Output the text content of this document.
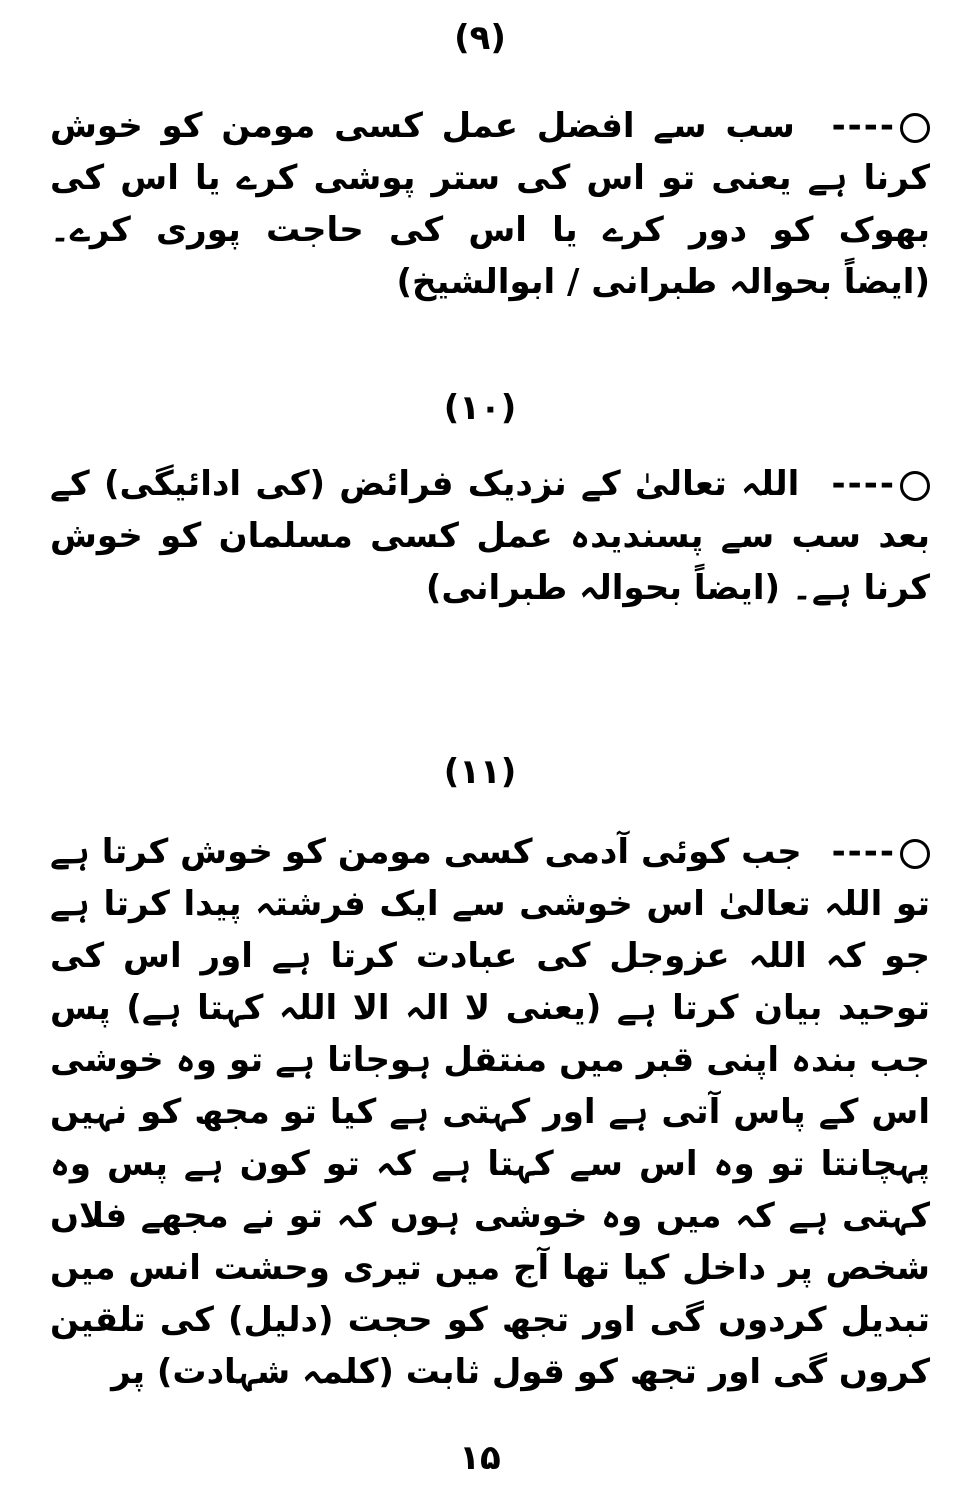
(۹)
---- سب سے افضل عمل کسی مومن کو خوش کرنا ہے یعنی تو اس کی ستر پوشی کرے یا اس کی بھوک کو دور کرے یا اس کی حاجت پوری کرے۔ (ایضاً بحوالہ طبرانی / ابوالشیخ)
(۱۰)
---- اللہ تعالیٰ کے نزدیک فرائض (کی ادائیگی) کے بعد سب سے پسندیدہ عمل کسی مسلمان کو خوش کرنا ہے۔ (ایضاً بحوالہ طبرانی)
(۱۱)
---- جب کوئی آدمی کسی مومن کو خوش کرتا ہے تو اللہ تعالیٰ اس خوشی سے ایک فرشتہ پیدا کرتا ہے جو کہ اللہ عزوجل کی عبادت کرتا ہے اور اس کی توحید بیان کرتا ہے (یعنی لا الہ الا اللہ کہتا ہے) پس جب بندہ اپنی قبر میں منتقل ہوجاتا ہے تو وہ خوشی اس کے پاس آتی ہے اور کہتی ہے کیا تو مجھ کو نہیں پہچانتا تو وہ اس سے کہتا ہے کہ تو کون ہے پس وہ کہتی ہے کہ میں وہ خوشی ہوں کہ تو نے مجھے فلاں شخص پر داخل کیا تھا آج میں تیری وحشت انس میں تبدیل کردوں گی اور تجھ کو حجت (دلیل) کی تلقین کروں گی اور تجھ کو قول ثابت (کلمہ شہادت) پر
۱۵
